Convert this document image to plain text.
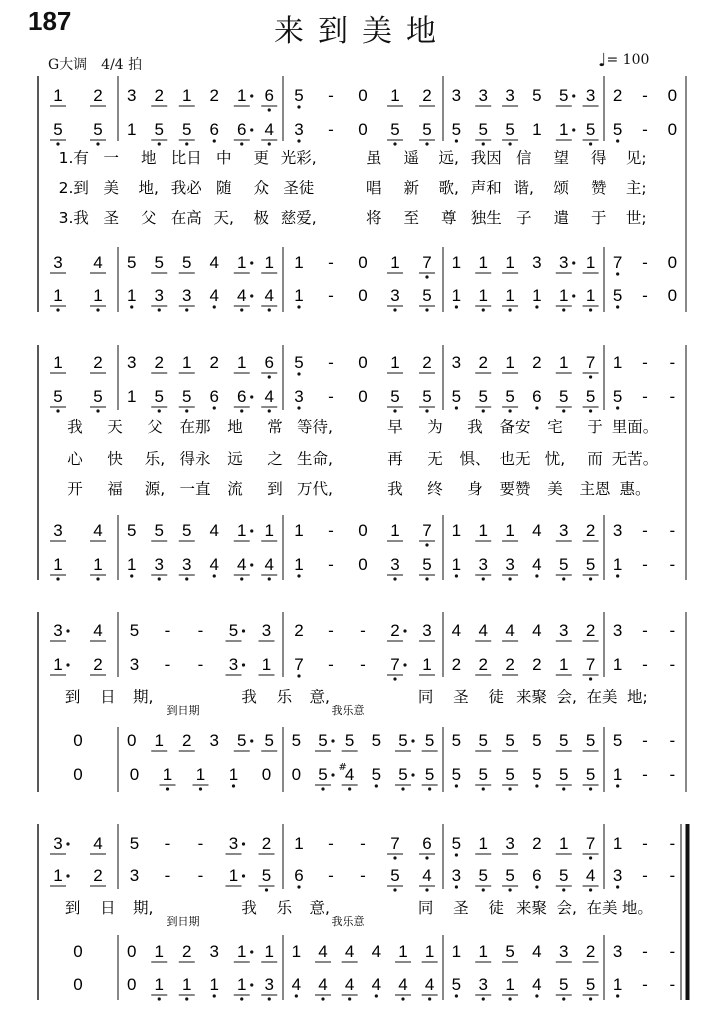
187	来到美地
G大调　4/4 拍	♩= 100
1 2 3 2 1 2 1 6 5 - 0 1 2 3 3 3 5 5 3 2 - 0
5 5 1 5 5 6 6 4 3 - 0 5 5 5 5 5 1 1 5 5 - 0
3 4 5 5 5 4 1 1 1 - 0 1 7 1 1 1 3 3 1 7 - 0
1 1 1 3 3 4 4 4 1 - 0 3 5 1 1 1 1 1 1 5 - 0
1.有 一 地 比日 中 更 光彩,	虽 遥 远, 我因 信 望 得 见;
2.到 美 地, 我必 随 众 圣徒	唱 新 歌, 声和 谐, 颂 赞 主;
3.我 圣 父 在高 天, 极 慈爱,	将 至 尊 独生 子 遣 于 世;
1 2 3 2 1 2 1 6 5 - 0 1 2 3 2 1 2 1 7 1 - -
5 5 1 5 5 6 6 4 3 - 0 5 5 5 5 5 6 5 5 5 - -
3 4 5 5 5 4 1 1 1 - 0 1 7 1 1 1 4 3 2 3 - -
1 1 1 3 3 4 4 4 1 - 0 3 5 1 3 3 4 5 5 1 - -
我 天 父 在那 地 常 等待,	早 为 我 备安 宅 于 里面。
心 快 乐, 得永 远 之 生命,	再 无 惧、 也无 忧, 而 无苦。
开 福 源, 一直 流 到 万代,	我 终 身 要赞 美 主恩 惠。
3 4 5 - - 5 3 2 - - 2 3 4 4 4 4 3 2 3 - -
1 2 3 - - 3 1 7 - - 7 1 2 2 2 2 1 7 1 - -
0	0 1 2 3 5 5 5 5 5 5 5 5 5 5 5 5 5 5 5 - -
0	0 1 1 1 0 0 5 4
# 5 5 5 5 5 5 5 5 5 1 - -
到 日 期,	我 乐 意,	同 圣 徒 来聚 会, 在美 地;
到日期	我乐意
3 4 5 - - 3 2 1 - - 7 6 5 1 3 2 1 7 1 - -
1 2 3 - - 1 5 6 - - 5 4 3 5 5 6 5 4 3 - -
0	0 1 2 3 1 1 1 4 4 4 1 1 1 1 5 4 3 2 3 - -
0	0 1 1 1 1 3 4 4 4 4 4 4 5 3 1 4 5 5 1 - -
到 日 期,	我 乐 意,	同 圣 徒 来聚 会, 在美 地。
到日期	我乐意
